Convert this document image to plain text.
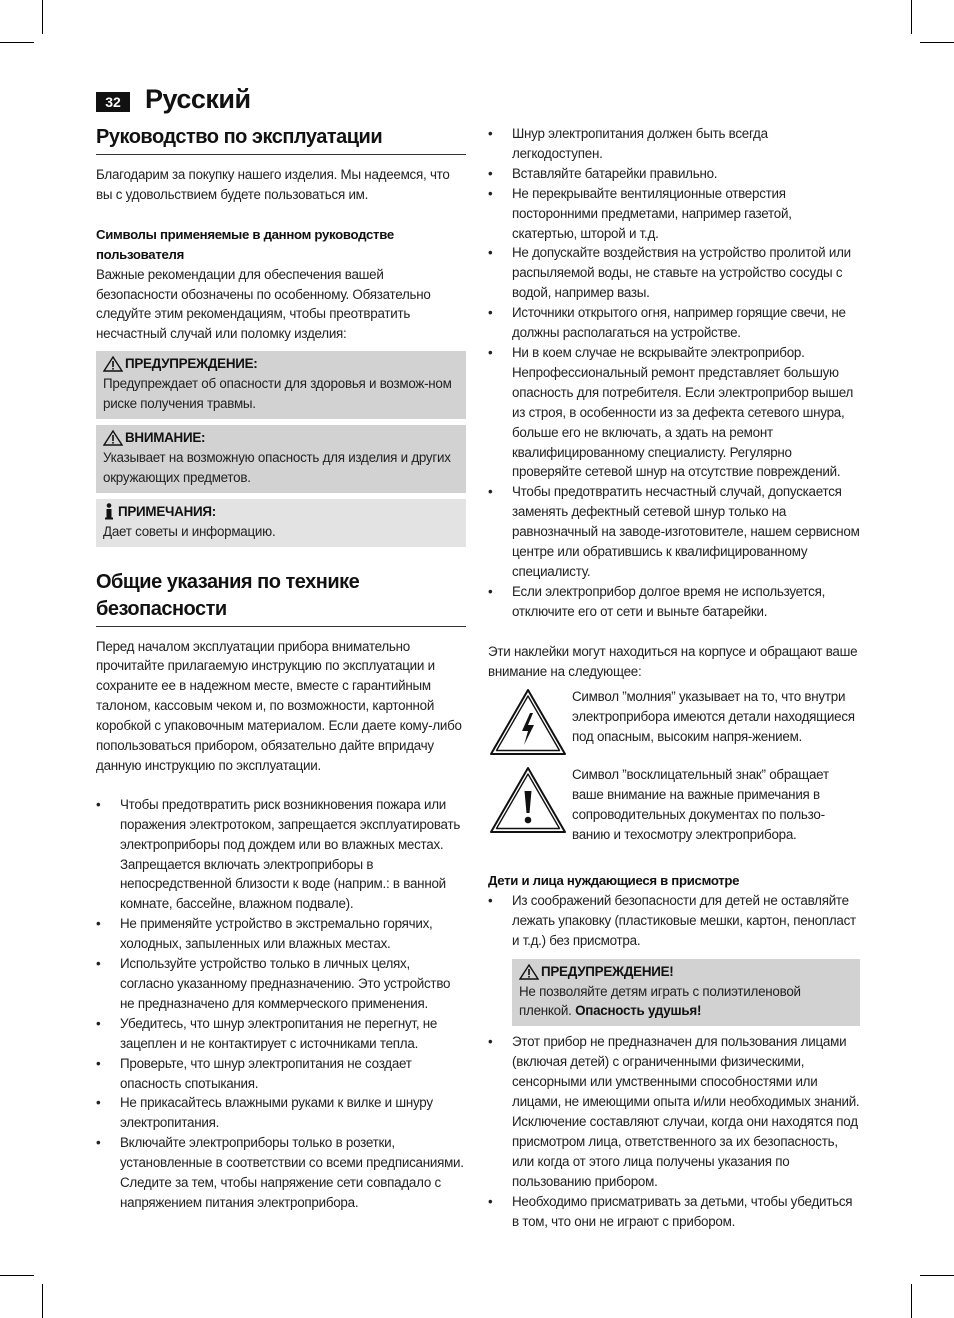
32 Русский
Руководство по эксплуатации

Благодарим за покупку нашего изделия. Мы надеемся, что вы с удовольствием будете пользоваться им.

Символы применяемые в данном руководстве пользователя

Важные рекомендации для обеспечения вашей безопасности обозначены по особенному. Обязательно следуйте этим рекомендациям, чтобы преотвратить несчастный случай или поломку изделия:

ПРЕДУПРЕЖДЕНИЕ:

Предупреждает об опасности для здоровья и возмож-ном риске получения травмы.

ВНИМАНИЕ:

Указывает на возможную опасность для изделия и других окружающих предметов.

ПРИМЕЧАНИЯ:

Дает советы и информацию.

Общие указания по технике безопасности

Перед началом эксплуатации прибора внимательно прочитайте прилагаемую инструкцию по эксплуатации и сохраните ее в надежном месте, вместе с гарантийным талоном, кассовым чеком и, по возможности, картонной коробкой с упаковочным материалом. Если даете кому-либо попользоваться прибором, обязательно дайте впридачу данную инструкцию по эксплуатации.

• Чтобы предотвратить риск возникновения пожара или поражения электротоком, запрещается эксплуатировать электроприборы под дождем или во влажных местах. Запрещается включать электроприборы в непосредственной близости к воде (наприм.: в ванной комнате, бассейне, влажном подвале).
• Не применяйте устройство в экстремально горячих, холодных, запыленных или влажных местах.
• Используйте устройство только в личных целях, согласно указанному предназначению. Это устройство не предназначено для коммерческого применения.
• Убедитесь, что шнур электропитания не перегнут, не зацеплен и не контактирует с источниками тепла.
• Проверьте, что шнур электропитания не создает опасность спотыкания.
• Не прикасайтесь влажными руками к вилке и шнуру электропитания.
• Включайте электроприборы только в розетки, установленные в соответствии со всеми предписаниями. Следите за тем, чтобы напряжение сети совпадало с напряжением питания электроприбора.
• Шнур электропитания должен быть всегда легкодоступен.
• Вставляйте батарейки правильно.
• Не перекрывайте вентиляционные отверстия посторонними предметами, например газетой, скатертью, шторой и т.д.
• Не допускайте воздействия на устройство пролитой или распыляемой воды, не ставьте на устройство сосуды с водой, например вазы.
• Источники открытого огня, например горящие свечи, не должны располагаться на устройстве.
• Ни в коем случае не вскрывайте электроприбор. Непрофессиональный ремонт представляет большую опасность для потребителя. Если электроприбор вышел из строя, в особенности из за дефекта сетевого шнура, больше его не включать, а здать на ремонт квалифицированному специалисту. Регулярно проверяйте сетевой шнур на отсутствие повреждений.
• Чтобы предотвратить несчастный случай, допускается заменять дефектный сетевой шнур только на равнозначный на заводе-изготовителе, нашем сервисном центре или обратившись к квалифицированному специалисту.
• Если электроприбор долгое время не используется, отключите его от сети и выньте батарейки.

Эти наклейки могут находиться на корпусе и обращают ваше внимание на следующее:

Символ ”молния” указывает на то, что внутри электроприбора имеются детали находящиеся под опасным, высоким напря-жением.

Символ ”восклицательный знак” обращает ваше внимание на важные примечания в сопроводительных документах по пользо-ванию и техосмотру электроприбора.

Дети и лица нуждающиеся в присмотре
• Из соображений безопасности для детей не оставляйте лежать упаковку (пластиковые мешки, картон, пенопласт и т.д.) без присмотра.
ПРЕДУПРЕЖДЕНИЕ!

Не позволяйте детям играть с полиэтиленовой пленкой. Опасность удушья!

• Этот прибор не предназначен для пользования лицами (включая детей) с ограниченными физическими, сенсорными или умственными способностями или лицами, не имеющими опыта и/или необходимых знаний. Исключение составляют случаи, когда они находятся под присмотром лица, ответственного за их безопасность, или когда от этого лица получены указания по пользованию прибором.
• Необходимо присматривать за детьми, чтобы убедиться в том, что они не играют с прибором.
